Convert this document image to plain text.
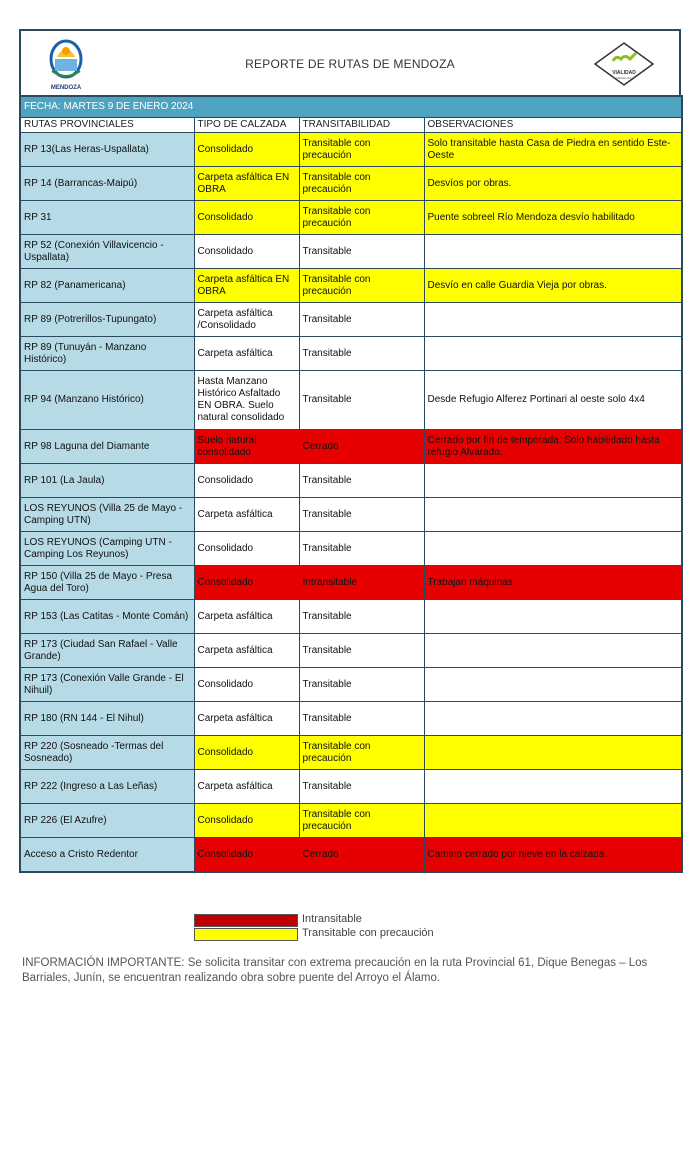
MENDOZA
REPORTE DE RUTAS DE MENDOZA
VIALIDAD
MENDOZA
FECHA: MARTES 9 DE ENERO 2024			
RUTAS PROVINCIALES	TIPO DE CALZADA	TRANSITABILIDAD	OBSERVACIONES
RP 13(Las Heras-Uspallata)	Consolidado	Transitable con precaución	Solo transitable hasta Casa de Piedra en sentido Este-Oeste
RP 14 (Barrancas-Maipú)	Carpeta asfáltica EN OBRA	Transitable con precaución	Desvíos por obras.
RP 31	Consolidado	Transitable con precaución	Puente sobreel Río Mendoza desvío habilitado
RP 52 (Conexión Villavicencio - Uspallata)	Consolidado	Transitable	
RP 82 (Panamericana)	Carpeta asfáltica EN OBRA	Transitable con precaución	Desvío en calle Guardia Vieja por obras.
RP 89 (Potrerillos-Tupungato)	Carpeta asfáltica /Consolidado	Transitable	
RP 89 (Tunuyán - Manzano Histórico)	Carpeta asfáltica	Transitable	
RP 94 (Manzano Histórico)	Hasta Manzano Histórico Asfaltado EN OBRA. Suelo natural consolidado	Transitable	Desde Refugio Alferez Portinari al oeste solo 4x4
RP 98 Laguna del Diamante	Suelo natural consolidado	Cerrado	Cerrado por fin de temporada. Solo habilidado hasta refugio Alvarado.
RP 101 (La Jaula)	Consolidado	Transitable	
LOS REYUNOS (Villa 25 de Mayo - Camping UTN)	Carpeta asfáltica	Transitable	
LOS REYUNOS (Camping UTN - Camping Los Reyunos)	Consolidado	Transitable	
RP 150 (Villa 25 de Mayo - Presa Agua del Toro)	Consolidado	Intransitable	Trabajan máquinas
RP 153 (Las Catitas - Monte Comán)	Carpeta asfáltica	Transitable	
RP 173 (Ciudad San Rafael - Valle Grande)	Carpeta asfáltica	Transitable	
RP 173 (Conexión Valle Grande - El Nihuil)	Consolidado	Transitable	
RP 180 (RN 144 - El Nihul)	Carpeta asfáltica	Transitable	
RP 220 (Sosneado -Termas del Sosneado)	Consolidado	Transitable con precaución	
RP 222 (Ingreso a Las Leñas)	Carpeta asfáltica	Transitable	
RP 226 (El Azufre)	Consolidado	Transitable con precaución	
Acceso a Cristo Redentor	Consolidado	Cerrado	Camino cerrado por nieve en la calzada.
Intransitable
Transitable con precaución
INFORMACIÓN IMPORTANTE: Se solicita transitar con extrema precaución en la ruta Provincial 61, Dique Benegas – Los Barriales, Junín, se encuentran realizando obra sobre puente del Arroyo el Álamo.
